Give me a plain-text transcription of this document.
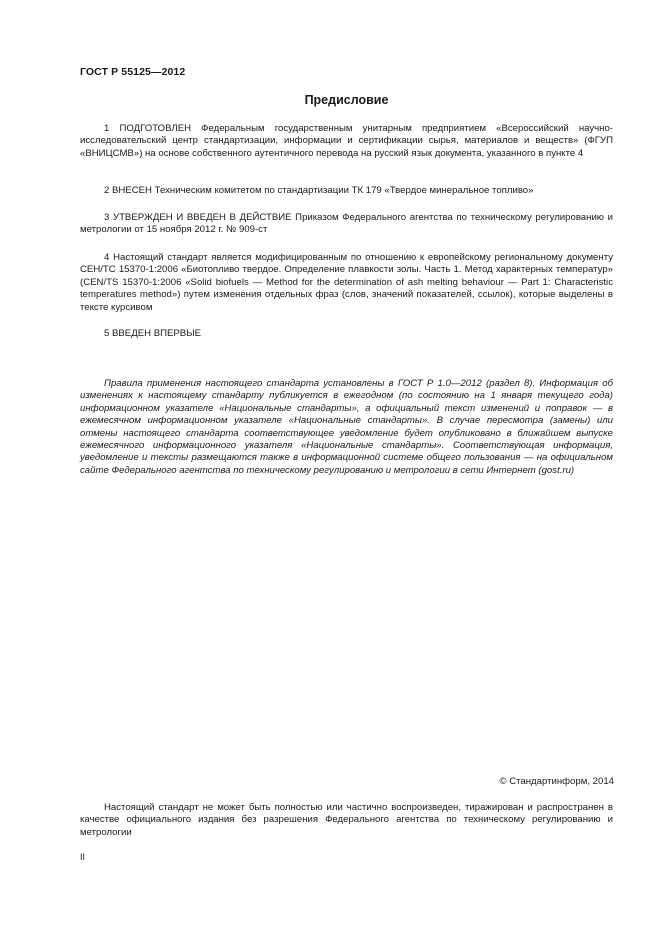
ГОСТ Р 55125—2012
Предисловие

1 ПОДГОТОВЛЕН Федеральным государственным унитарным предприятием «Всероссийский научно-исследовательский центр стандартизации, информации и сертификации сырья, материалов и веществ» (ФГУП «ВНИЦСМВ») на основе собственного аутентичного перевода на русский язык документа, указанного в пункте 4

2 ВНЕСЕН Техническим комитетом по стандартизации ТК 179 «Твердое минеральное топливо»

3 УТВЕРЖДЕН И ВВЕДЕН В ДЕЙСТВИЕ Приказом Федерального агентства по техническому регулированию и метрологии от 15 ноября 2012 г. № 909-ст

4 Настоящий стандарт является модифицированным по отношению к европейскому региональному документу СЕН/ТС 15370-1:2006 «Биотопливо твердое. Определение плавкости золы. Часть 1. Метод характерных температур» (CEN/TS 15370-1:2006 «Solid biofuels — Method for the determination of ash melting behaviour — Part 1: Characteristic temperatures method») путем изменения отдельных фраз (слов, значений показателей, ссылок), которые выделены в тексте курсивом

5 ВВЕДЕН ВПЕРВЫЕ

Правила применения настоящего стандарта установлены в ГОСТ Р 1.0—2012 (раздел 8). Информация об изменениях к настоящему стандарту публикуется в ежегодном (по состоянию на 1 января текущего года) информационном указателе «Национальные стандарты», а официальный текст изменений и поправок — в ежемесячном информационном указателе «Национальные стандарты». В случае пересмотра (замены) или отмены настоящего стандарта соответствующее уведомление будет опубликовано в ближайшем выпуске ежемесячного информационного указателя «Национальные стандарты». Соответствующая информация, уведомление и тексты размещаются также в информационной системе общего пользования — на официальном сайте Федерального агентства по техническому регулированию и метрологии в сети Интернет (gost.ru)

© Стандартинформ, 2014

Настоящий стандарт не может быть полностью или частично воспроизведен, тиражирован и распространен в качестве официального издания без разрешения Федерального агентства по техническому регулированию и метрологии

II
